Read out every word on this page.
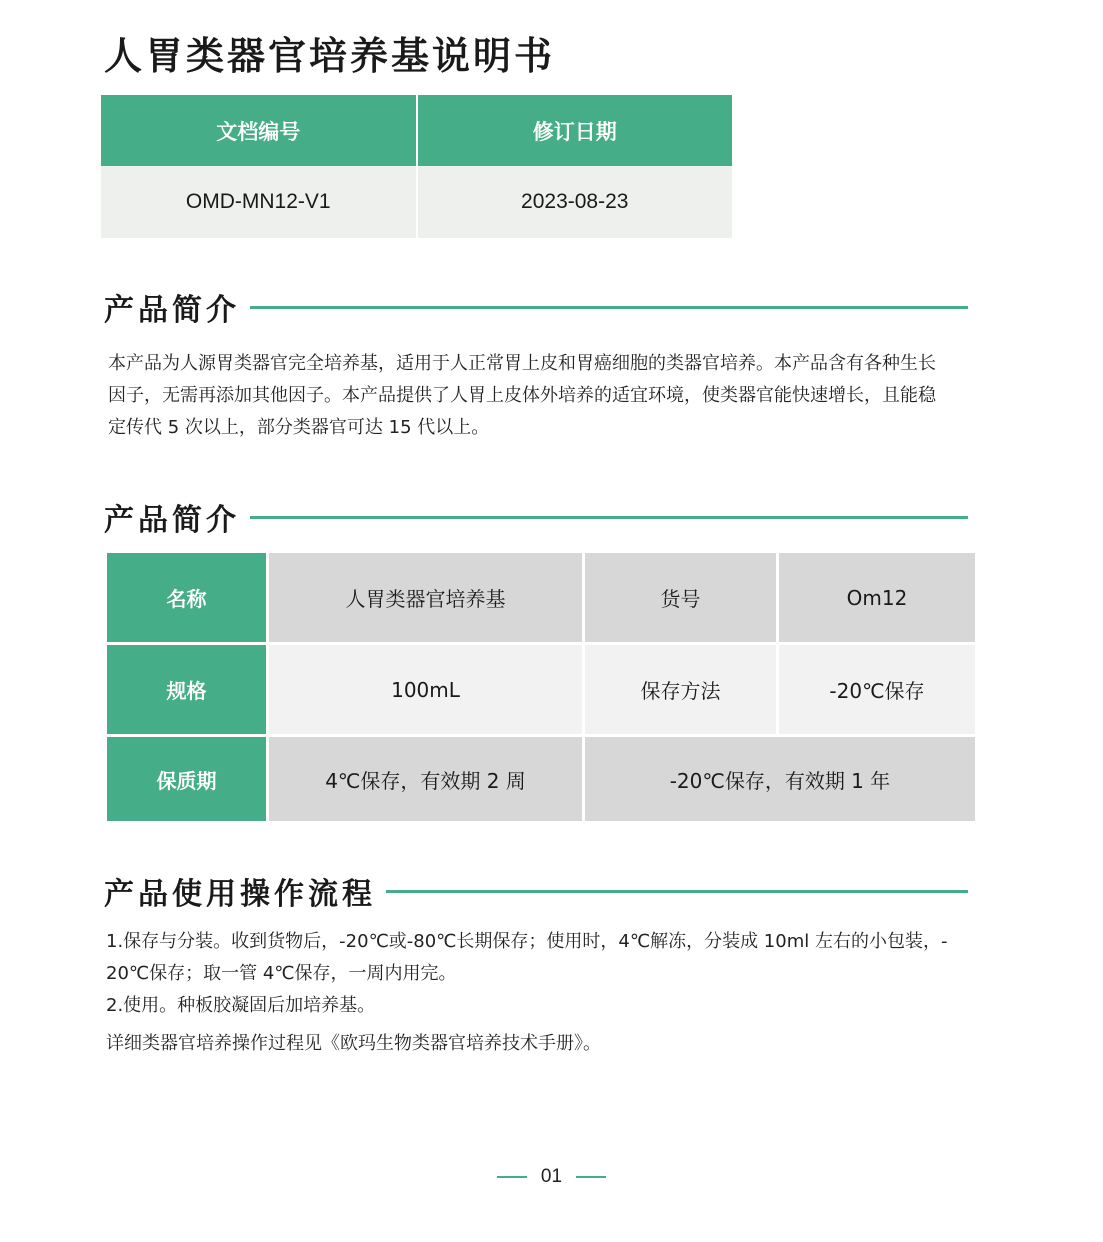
人胃类器官培养基说明书
文档编号	修订日期
OMD-MN12-V1	2023-08-23
产品简介
本产品为人源胃类器官完全培养基，适用于人正常胃上皮和胃癌细胞的类器官培养。本产品含有各种生长
因子，无需再添加其他因子。本产品提供了人胃上皮体外培养的适宜环境，使类器官能快速增长，且能稳
定传代 5 次以上，部分类器官可达 15 代以上。
产品简介
名称	人胃类器官培养基	货号	Om12
规格	100mL	保存方法	-20℃保存
保质期	4℃保存，有效期 2 周	-20℃保存，有效期 1 年	
产品使用操作流程
1.保存与分装。收到货物后，-20℃或-80℃长期保存；使用时，4℃解冻，分装成 10ml 左右的小包装，-
20℃保存；取一管 4℃保存，一周内用完。
2.使用。种板胶凝固后加培养基。
详细类器官培养操作过程见《欧玛生物类器官培养技术手册》。
01
